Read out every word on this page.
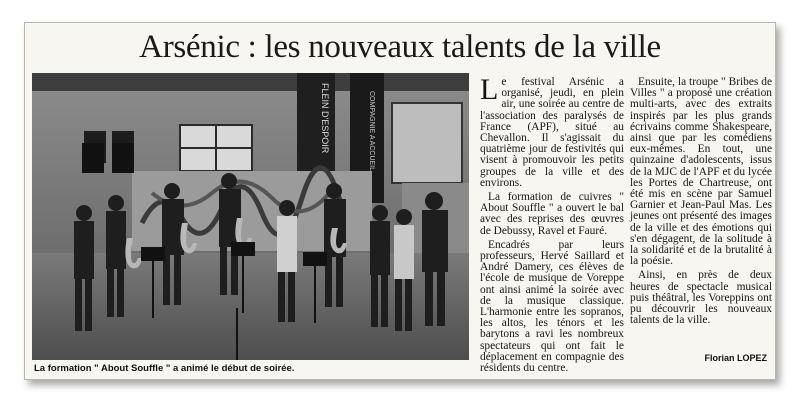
Arsénic : les nouveaux talents de la ville
FLEIN D'ESPOIR	COMPAGNIE A ACCUEIL
La formation " About Souffle " a animé le début de soirée.

Le festival Arsénic a organisé, jeudi, en plein air, une soirée au centre de l'association des paralysés de France (APF), situé au Chevallon. Il s'agissait du quatrième jour de festivités qui visent à promouvoir les petits groupes de la ville et des environs.

La formation de cuivres " About Souffle " a ouvert le bal avec des reprises des œuvres de Debussy, Ravel et Fauré.

Encadrés par leurs professeurs, Hervé Saillard et André Damery, ces élèves de l'école de musique de Voreppe ont ainsi animé la soirée avec de la musique classique. L'harmonie entre les sopranos, les altos, les ténors et les barytons a ravi les nombreux spectateurs qui ont fait le déplacement en compagnie des résidents du centre.

Ensuite, la troupe " Bribes de Villes " a proposé une création multi-arts, avec des extraits inspirés par les plus grands écrivains comme Shakespeare, ainsi que par les comédiens eux-mêmes. En tout, une quinzaine d'adolescents, issus de la MJC de l'APF et du lycée les Portes de Chartreuse, ont été mis en scène par Samuel Garnier et Jean-Paul Mas. Les jeunes ont présenté des images de la ville et des émotions qui s'en dégagent, de la solitude à la solidarité et de la brutalité à la poésie.

Ainsi, en près de deux heures de spectacle musical puis théâtral, les Voreppins ont pu découvrir les nouveaux talents de la ville.

Florian LOPEZ
